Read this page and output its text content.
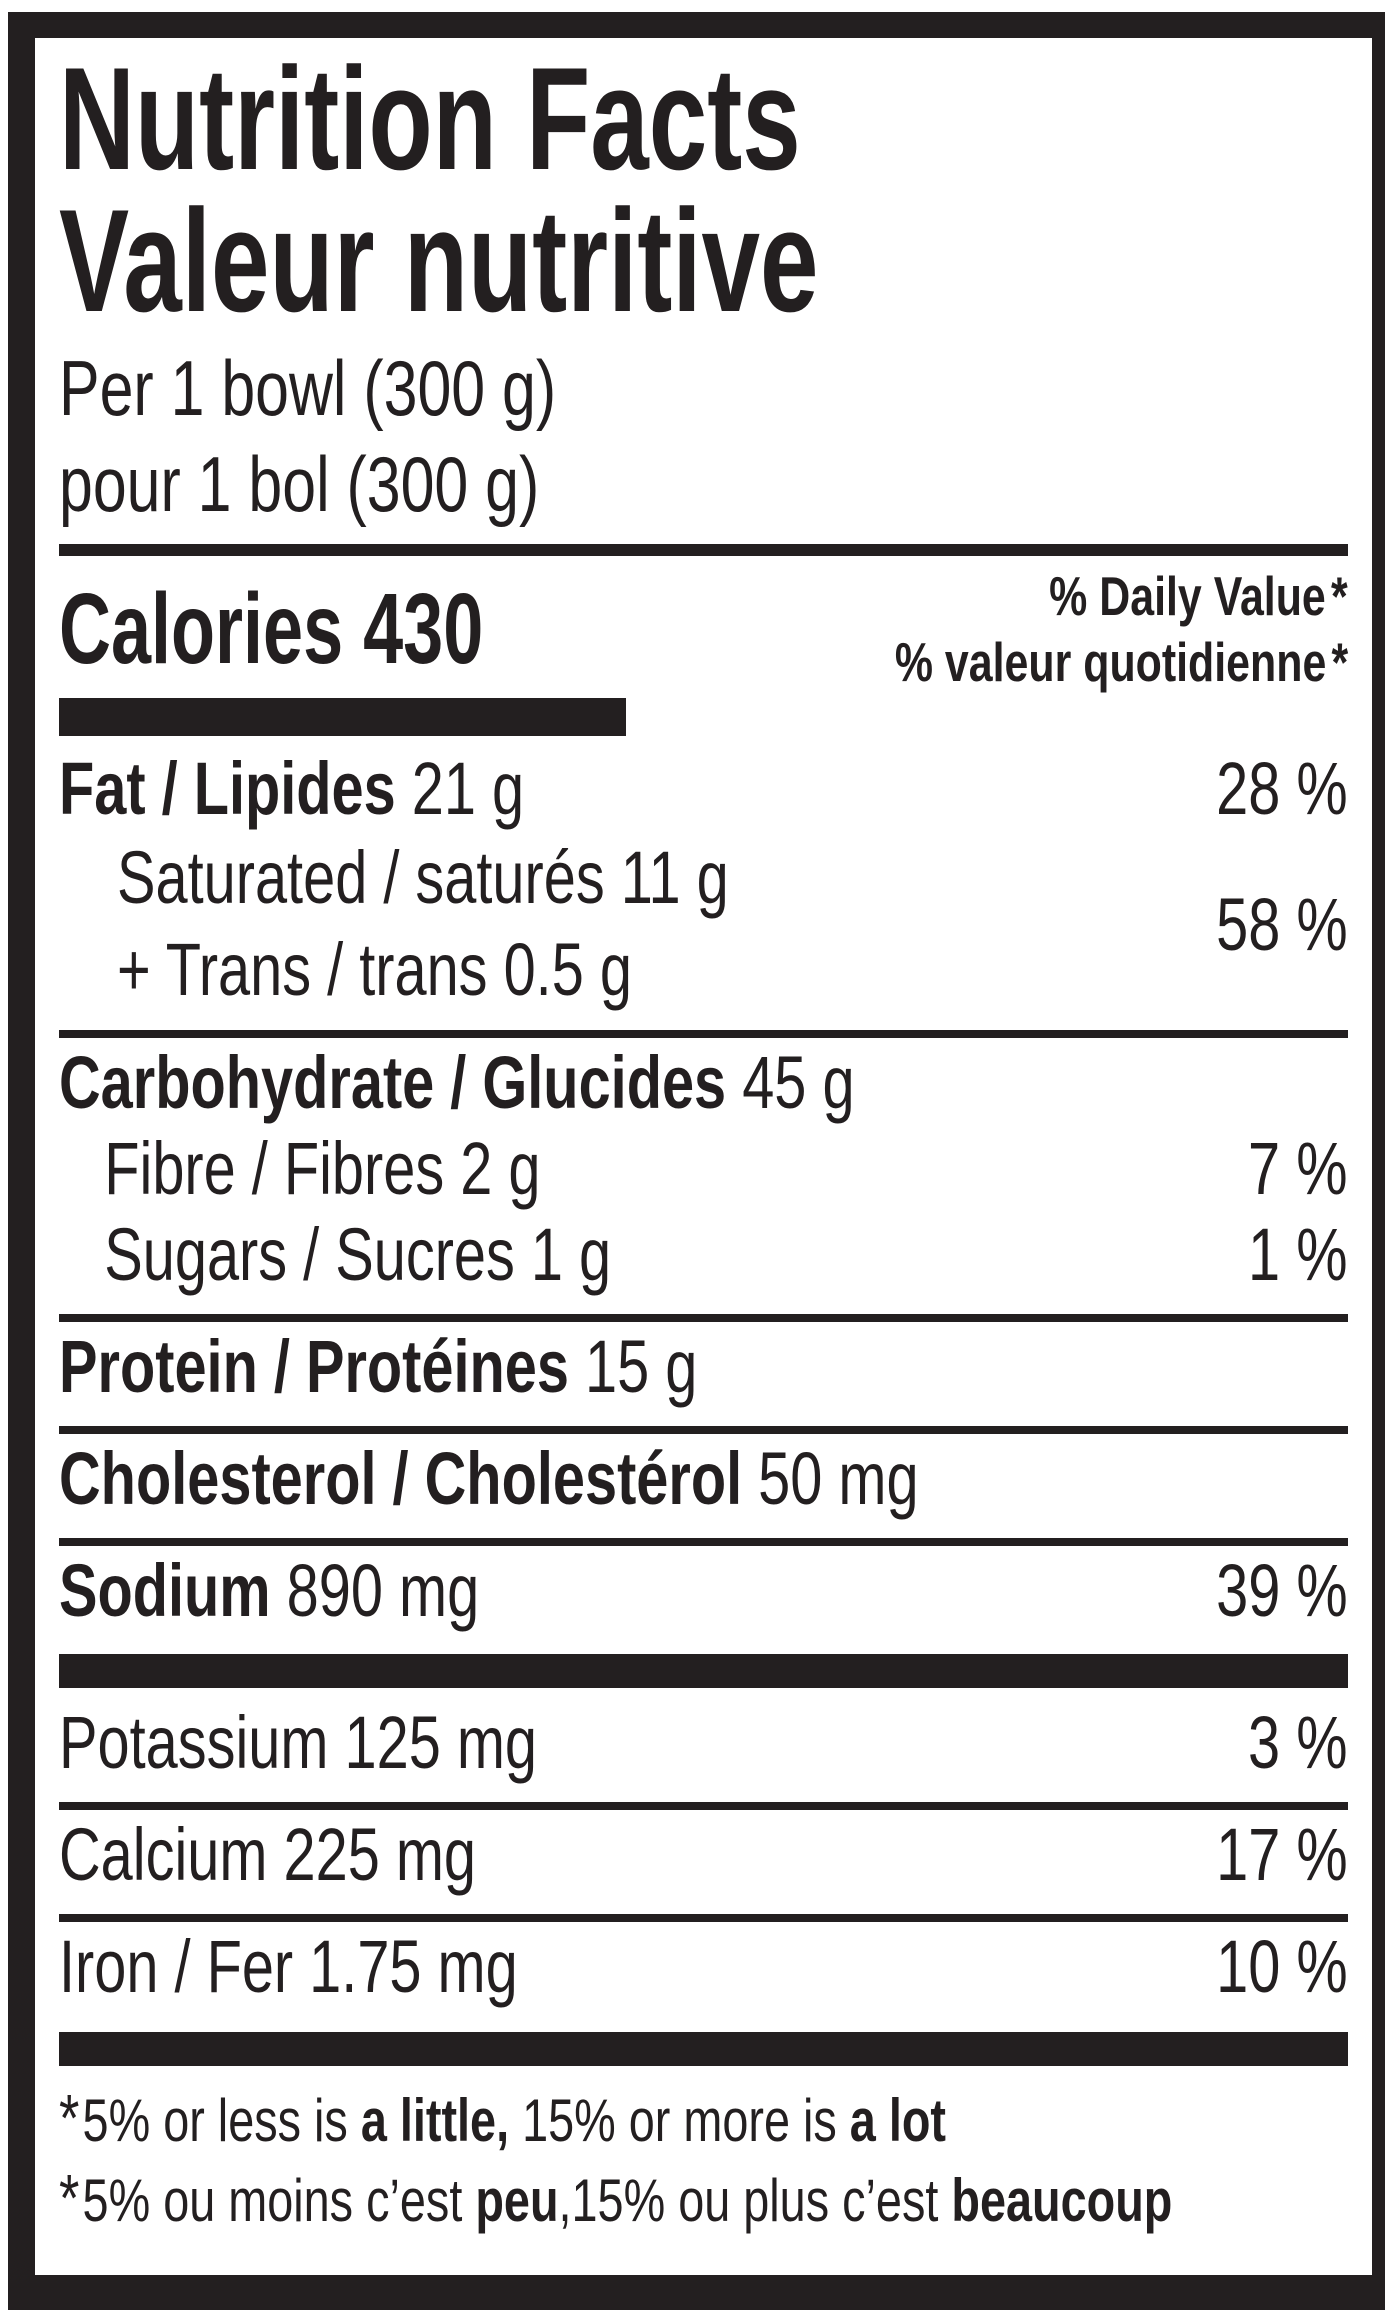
Nutrition Facts
Valeur nutritive
Per 1 bowl (300 g)
pour 1 bol (300 g)
Calories 430	% Daily Value*
% valeur quotidienne*
Fat / Lipides 21 g	28 %
Saturated / saturés 11 g
+ Trans / trans 0.5 g
58 %
Carbohydrate / Glucides 45 g
Fibre / Fibres 2 g	7 %
Sugars / Sucres 1 g	1 %
Protein / Protéines 15 g
Cholesterol / Cholestérol 50 mg
Sodium 890 mg	39 %
Potassium 125 mg	3 %
Calcium 225 mg	17 %
Iron / Fer 1.75 mg	10 %
*5% or less is a little, 15% or more is a lot
*5% ou moins c’est peu,15% ou plus c’est beaucoup
